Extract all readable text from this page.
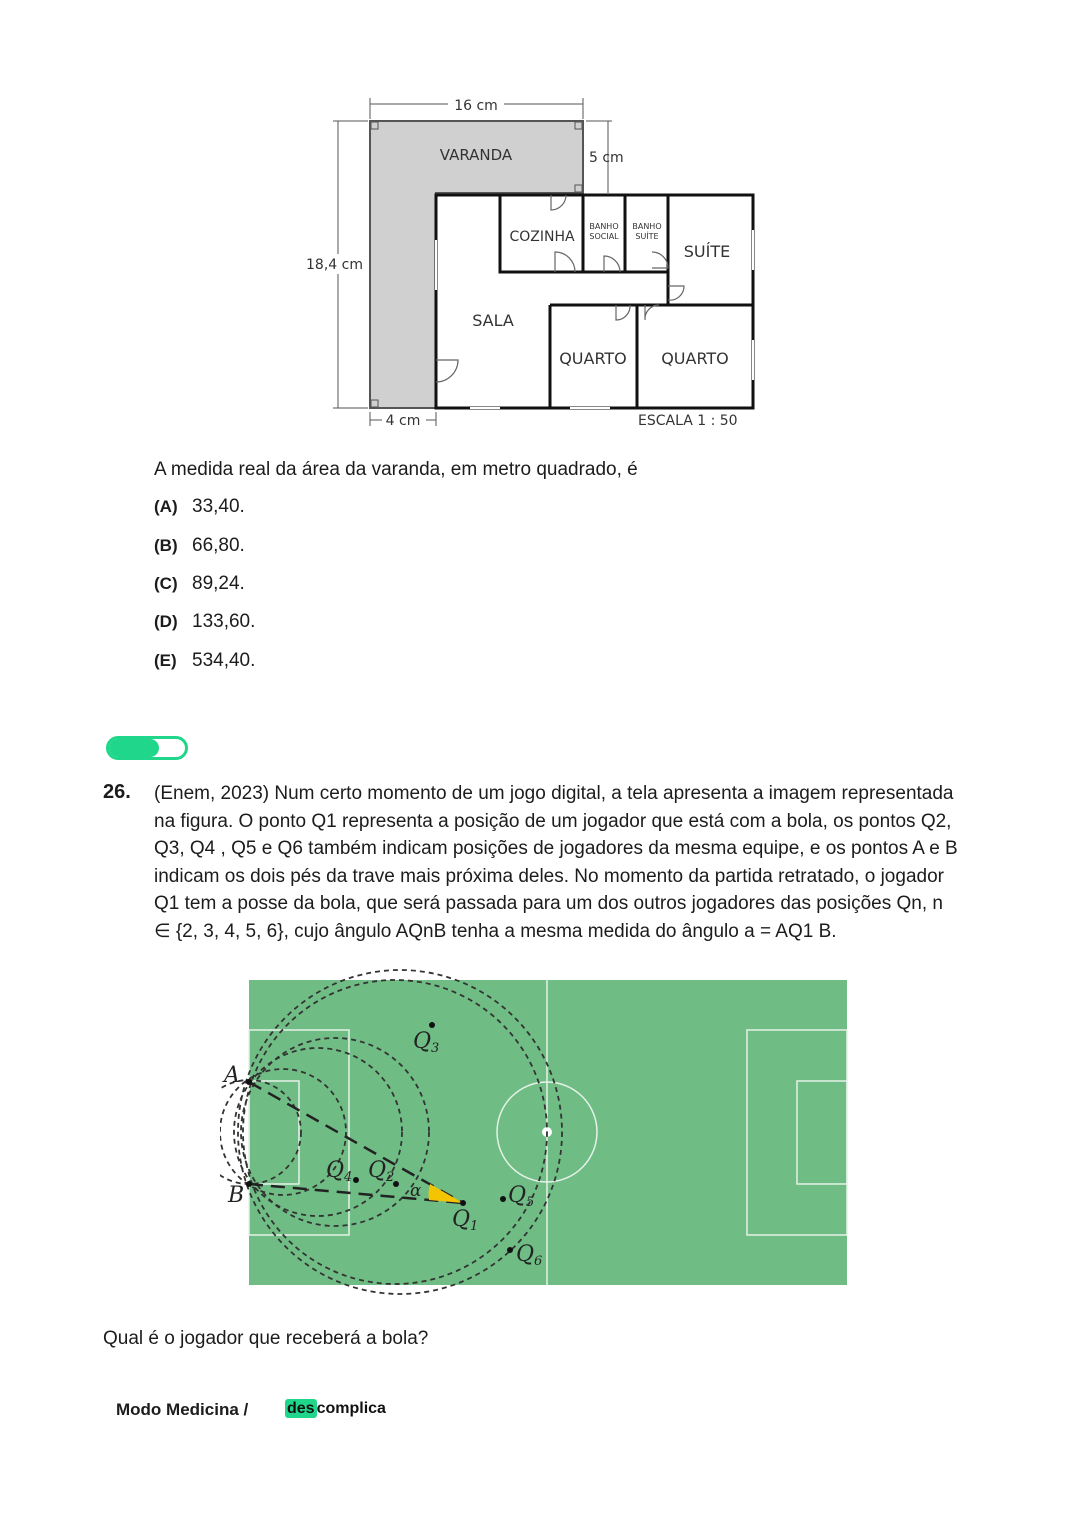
16 cm
5 cm
18,4 cm
4 cm	ESCALA 1 : 50
VARANDA
COZINHA
BANHO
SOCIAL
BANHO
SUÍTE
SUÍTE
SALA
QUARTO QUARTO
A medida real da área da varanda, em metro quadrado, é
(A) 33,40.
(B) 66,80.
(C) 89,24.
(D) 133,60.
(E) 534,40.
26. (Enem, 2023) Num certo momento de um jogo digital, a tela apresenta a imagem representada
na figura. O ponto Q1 representa a posição de um jogador que está com a bola, os pontos Q2,
Q3, Q4 , Q5 e Q6 também indicam posições de jogadores da mesma equipe, e os pontos A e B
indicam os dois pés da trave mais próxima deles. No momento da partida retratado, o jogador
Q1 tem a posse da bola, que será passada para um dos outros jogadores das posições Qn, n
∈ {2, 3, 4, 5, 6}, cujo ângulo AQnB tenha a mesma medida do ângulo a = AQ1 B.
A
B
Q1
Q2
Q3
Q4
Q5
Q6
α
Qual é o jogador que receberá a bola?
Modo Medicina / des complica
